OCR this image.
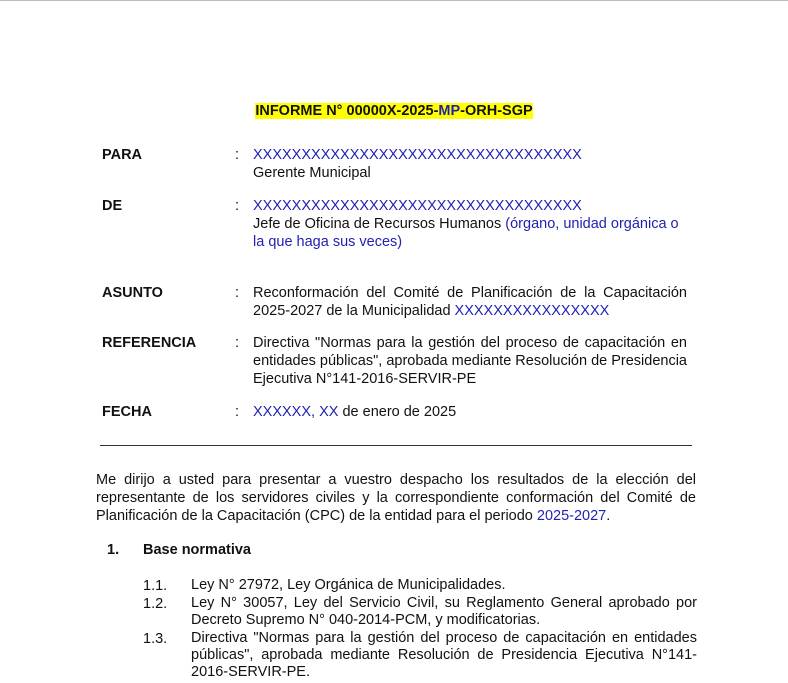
INFORME N° 00000X-2025-MP-ORH-SGP
PARA	: XXXXXXXXXXXXXXXXXXXXXXXXXXXXXXXXXX
Gerente Municipal
DE	: XXXXXXXXXXXXXXXXXXXXXXXXXXXXXXXXXX
Jefe de Oficina de Recursos Humanos (órgano, unidad orgánica o la que haga sus veces)
ASUNTO	: Reconformación del Comité de Planificación de la Capacitación 2025-2027 de la Municipalidad XXXXXXXXXXXXXXXX
REFERENCIA	: Directiva "Normas para la gestión del proceso de capacitación en entidades públicas", aprobada mediante Resolución de Presidencia Ejecutiva N°141-2016-SERVIR-PE
FECHA	: XXXXXX, XX de enero de 2025
Me dirijo a usted para presentar a vuestro despacho los resultados de la elección del representante de los servidores civiles y la correspondiente conformación del Comité de Planificación de la Capacitación (CPC) de la entidad para el periodo 2025-2027.
1. Base normativa
1.1. Ley N° 27972, Ley Orgánica de Municipalidades.
1.2. Ley N° 30057, Ley del Servicio Civil, su Reglamento General aprobado por Decreto Supremo N° 040-2014-PCM, y modificatorias.
1.3. Directiva "Normas para la gestión del proceso de capacitación en entidades públicas", aprobada mediante Resolución de Presidencia Ejecutiva N°141-2016-SERVIR-PE.
